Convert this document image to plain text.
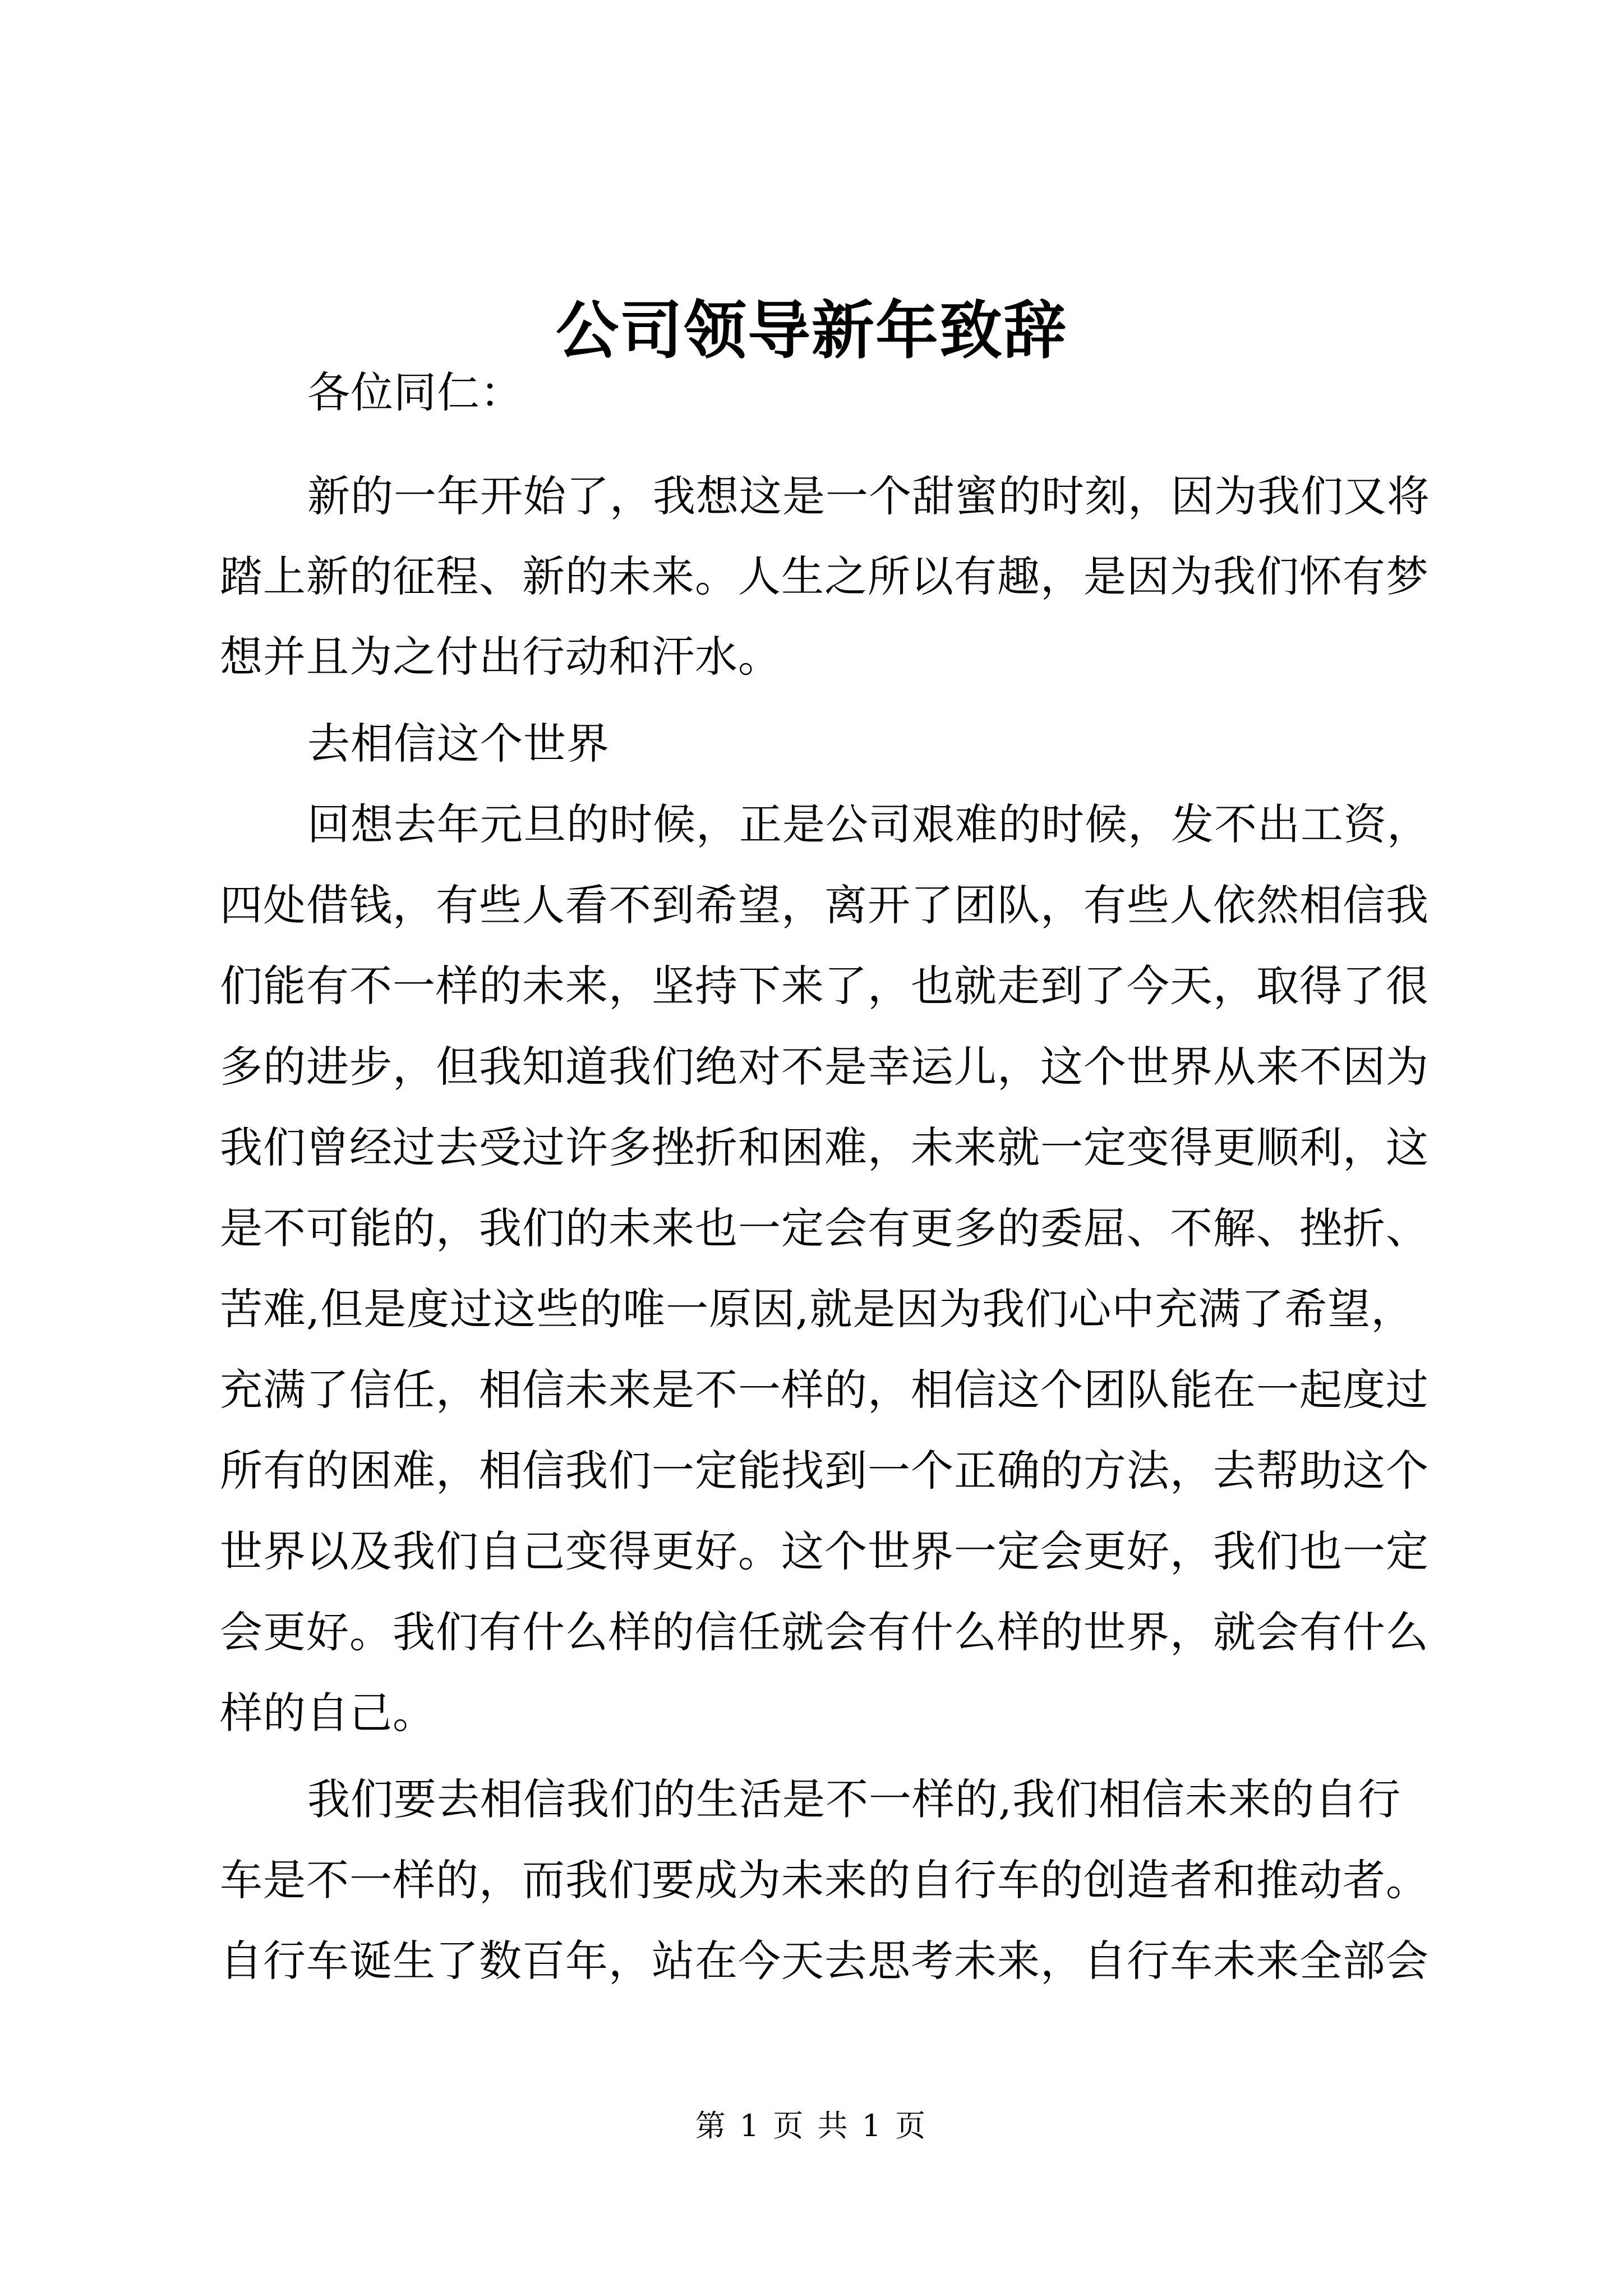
公司领导新年致辞

各位同仁：

新的一年开始了，我想这是一个甜蜜的时刻，因为我们又将

踏上新的征程、新的未来。人生之所以有趣，是因为我们怀有梦

想并且为之付出行动和汗水。

去相信这个世界

回想去年元旦的时候，正是公司艰难的时候，发不出工资，

四处借钱，有些人看不到希望，离开了团队，有些人依然相信我

们能有不一样的未来，坚持下来了，也就走到了今天，取得了很

多的进步，但我知道我们绝对不是幸运儿，这个世界从来不因为

我们曾经过去受过许多挫折和困难，未来就一定变得更顺利，这

是不可能的，我们的未来也一定会有更多的委屈、不解、挫折、

苦难,但是度过这些的唯一原因,就是因为我们心中充满了希望，

充满了信任，相信未来是不一样的，相信这个团队能在一起度过

所有的困难，相信我们一定能找到一个正确的方法，去帮助这个

世界以及我们自己变得更好。这个世界一定会更好，我们也一定

会更好。我们有什么样的信任就会有什么样的世界，就会有什么

样的自己。

我们要去相信我们的生活是不一样的,我们相信未来的自行

车是不一样的，而我们要成为未来的自行车的创造者和推动者。

自行车诞生了数百年，站在今天去思考未来，自行车未来全部会

第 1 页 共 1 页
